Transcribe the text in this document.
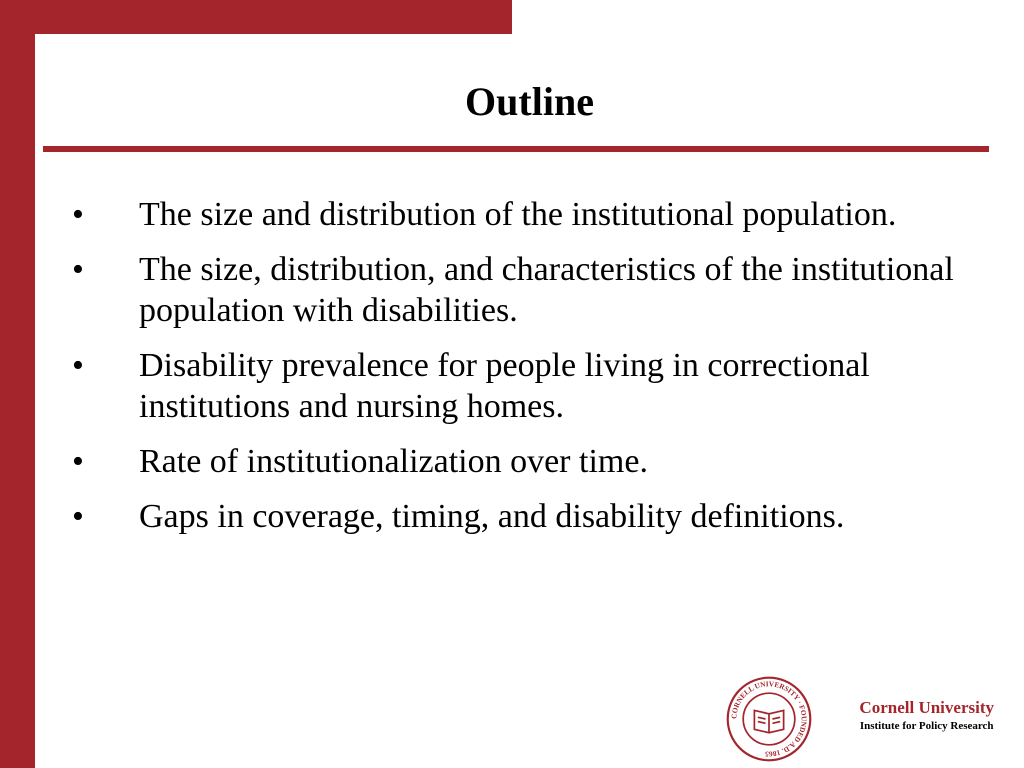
Outline
• The size and distribution of the institutional population.
• The size, distribution, and characteristics of the institutional population with disabilities.
• Disability prevalence for people living in correctional institutions and nursing homes.
• Rate of institutionalization over time.
• Gaps in coverage, timing, and disability definitions.
CORNELL UNIVERSITY · FOUNDED A.D. 1865
Cornell University
Institute for Policy Research
